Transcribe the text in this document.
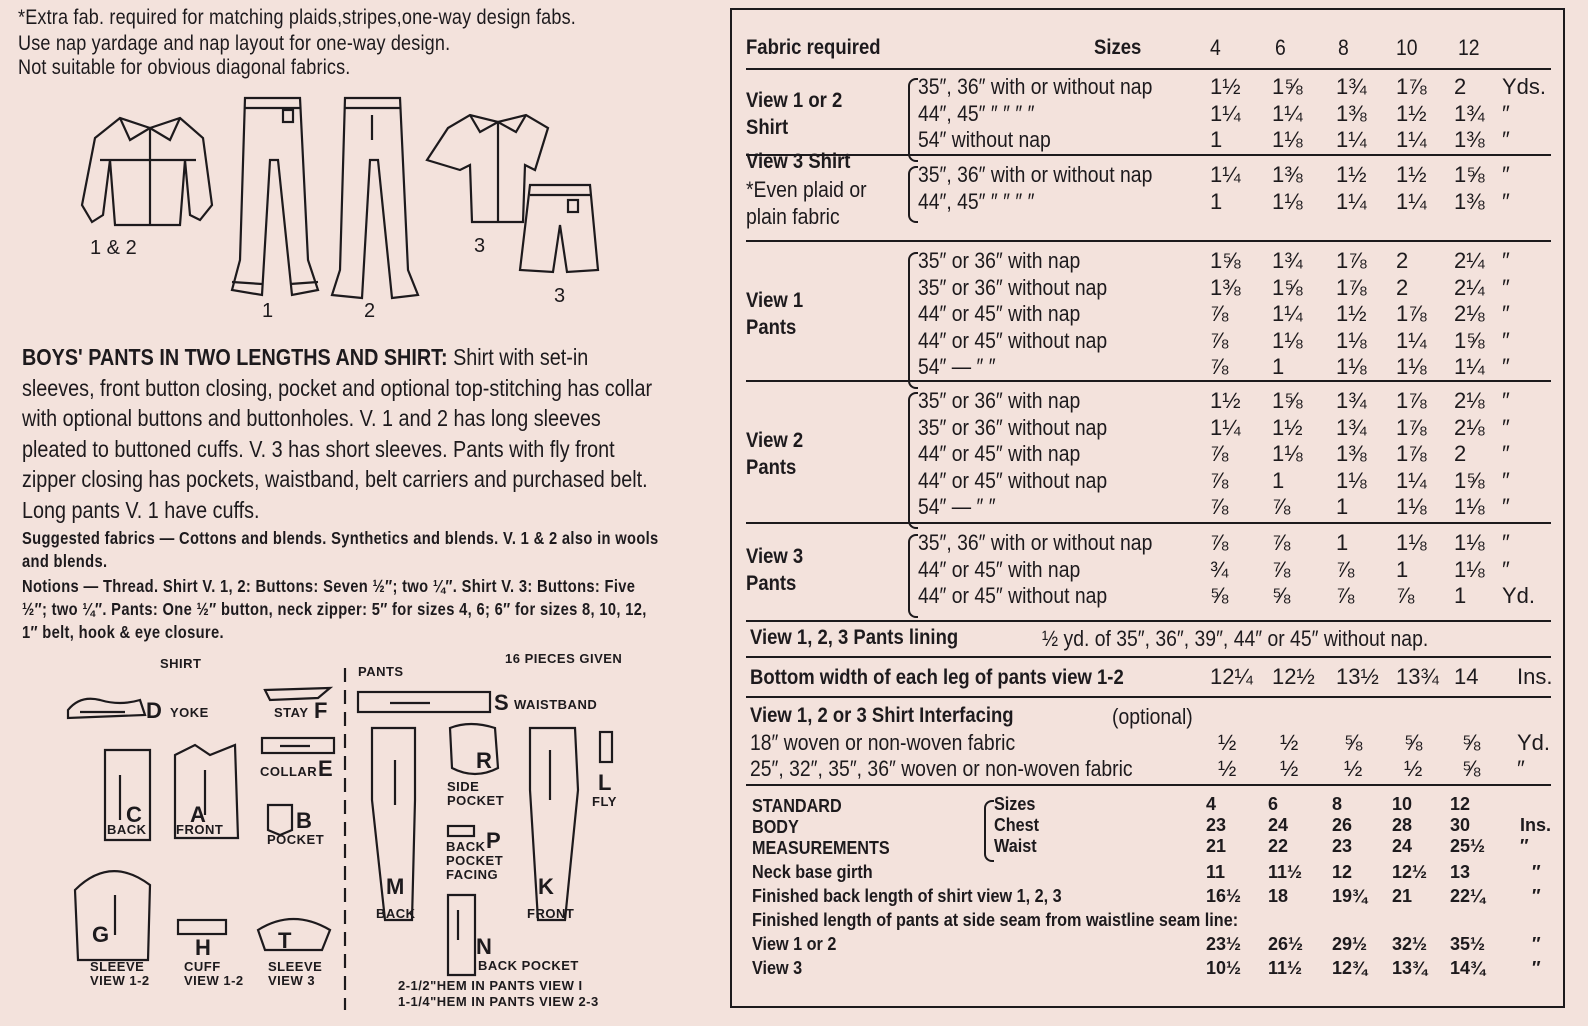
*Extra fab. required for matching plaids,stripes,one-way design fabs.
Use nap yardage and nap layout for one-way design.
Not suitable for obvious diagonal fabrics.
1 & 2
1	2
3
3
BOYS' PANTS IN TWO LENGTHS AND SHIRT: Shirt with set-in sleeves, front button closing, pocket and optional top-stitching has collar with optional buttons and buttonholes. V. 1 and 2 has long sleeves pleated to buttoned cuffs. V. 3 has short sleeves. Pants with fly front zipper closing has pockets, waistband, belt carriers and purchased belt. Long pants V. 1 have cuffs.
Suggested fabrics — Cottons and blends. Synthetics and blends. V. 1 & 2 also in wools and blends.
Notions — Thread. Shirt V. 1, 2: Buttons: Seven ½″; two ¼″. Shirt V. 3: Buttons: Five ½″; two ¼″. Pants: One ½″ button, neck zipper: 5″ for sizes 4, 6; 6″ for sizes 8, 10, 12, 1″ belt, hook & eye closure.
SHIRT
PANTS
16 PIECES GIVEN
D YOKE	STAY F	S WAISTBAND
COLLAR E	R
SIDE POCKET
L
FLY
C
BACK
A
FRONT	B
POCKET	P
BACK POCKET FACING
M
BACK
K
FRONT
G
SLEEVE VIEW 1-2
H
CUFF VIEW 1-2
T
SLEEVE VIEW 3
N
BACK POCKET
2-1/2"HEM IN PANTS VIEW I
1-1/4"HEM IN PANTS VIEW 2-3
Fabric required	Sizes	4 6 8 10 12
View 1 or 2
Shirt
35″, 36″ with or without nap	1½ 1⅝ 1¾ 1⅞ 2 Yds.
44″, 45″ ″ ″ ″ ″	1¼ 1¼ 1⅜ 1½ 1¾ ″
54″ without nap	1 1⅛ 1¼ 1¼ 1⅜ ″
View 3 Shirt
*Even plaid or
plain fabric
35″, 36″ with or without nap	1¼ 1⅜ 1½ 1½ 1⅝ ″
44″, 45″ ″ ″ ″ ″	1 1⅛ 1¼ 1¼ 1⅜ ″
View 1
Pants
35″ or 36″ with nap	1⅝ 1¾ 1⅞ 2 2¼ ″
35″ or 36″ without nap	1⅜ 1⅝ 1⅞ 2 2¼ ″
44″ or 45″ with nap	⅞ 1¼ 1½ 1⅞ 2⅛ ″
44″ or 45″ without nap	⅞ 1⅛ 1⅛ 1¼ 1⅝ ″
54″ — ″ ″	⅞ 1 1⅛ 1⅛ 1¼ ″
View 2
Pants
35″ or 36″ with nap	1½ 1⅝ 1¾ 1⅞ 2⅛ ″
35″ or 36″ without nap	1¼ 1½ 1¾ 1⅞ 2⅛ ″
44″ or 45″ with nap	⅞ 1⅛ 1⅜ 1⅞ 2 ″
44″ or 45″ without nap	⅞ 1 1⅛ 1¼ 1⅝ ″
54″ — ″ ″	⅞ ⅞ 1 1⅛ 1⅛ ″
View 3
Pants
35″, 36″ with or without nap	⅞ ⅞ 1 1⅛ 1⅛ ″
44″ or 45″ with nap	¾ ⅞ ⅞ 1 1⅛ ″
44″ or 45″ without nap	⅝ ⅝ ⅞ ⅞ 1 Yd.
View 1, 2, 3 Pants lining	½ yd. of 35″, 36″, 39″, 44″ or 45″ without nap.
Bottom width of each leg of pants view 1-2	12¼ 12½ 13½ 13¾ 14 Ins.
View 1, 2 or 3 Shirt Interfacing	(optional)
18″ woven or non-woven fabric	½ ½ ⅝ ⅝ ⅝ Yd.
25″, 32″, 35″, 36″ woven or non-woven fabric	½ ½ ½ ½ ⅝ ″
STANDARD
BODY
MEASUREMENTS
Sizes	4	6	8	10 12
Chest	23 24 26 28 30	Ins.
Waist	21 22 23 24 25½ ″
Neck base girth	11 11½ 12 12½ 13	″
Finished back length of shirt view 1, 2, 3	16½ 18 19¾ 21 22¼	″
Finished length of pants at side seam from waistline seam line:
View 1 or 2	23½ 26½ 29½ 32½ 35½	″
View 3	10½ 11½ 12¾ 13¾ 14¾	″
